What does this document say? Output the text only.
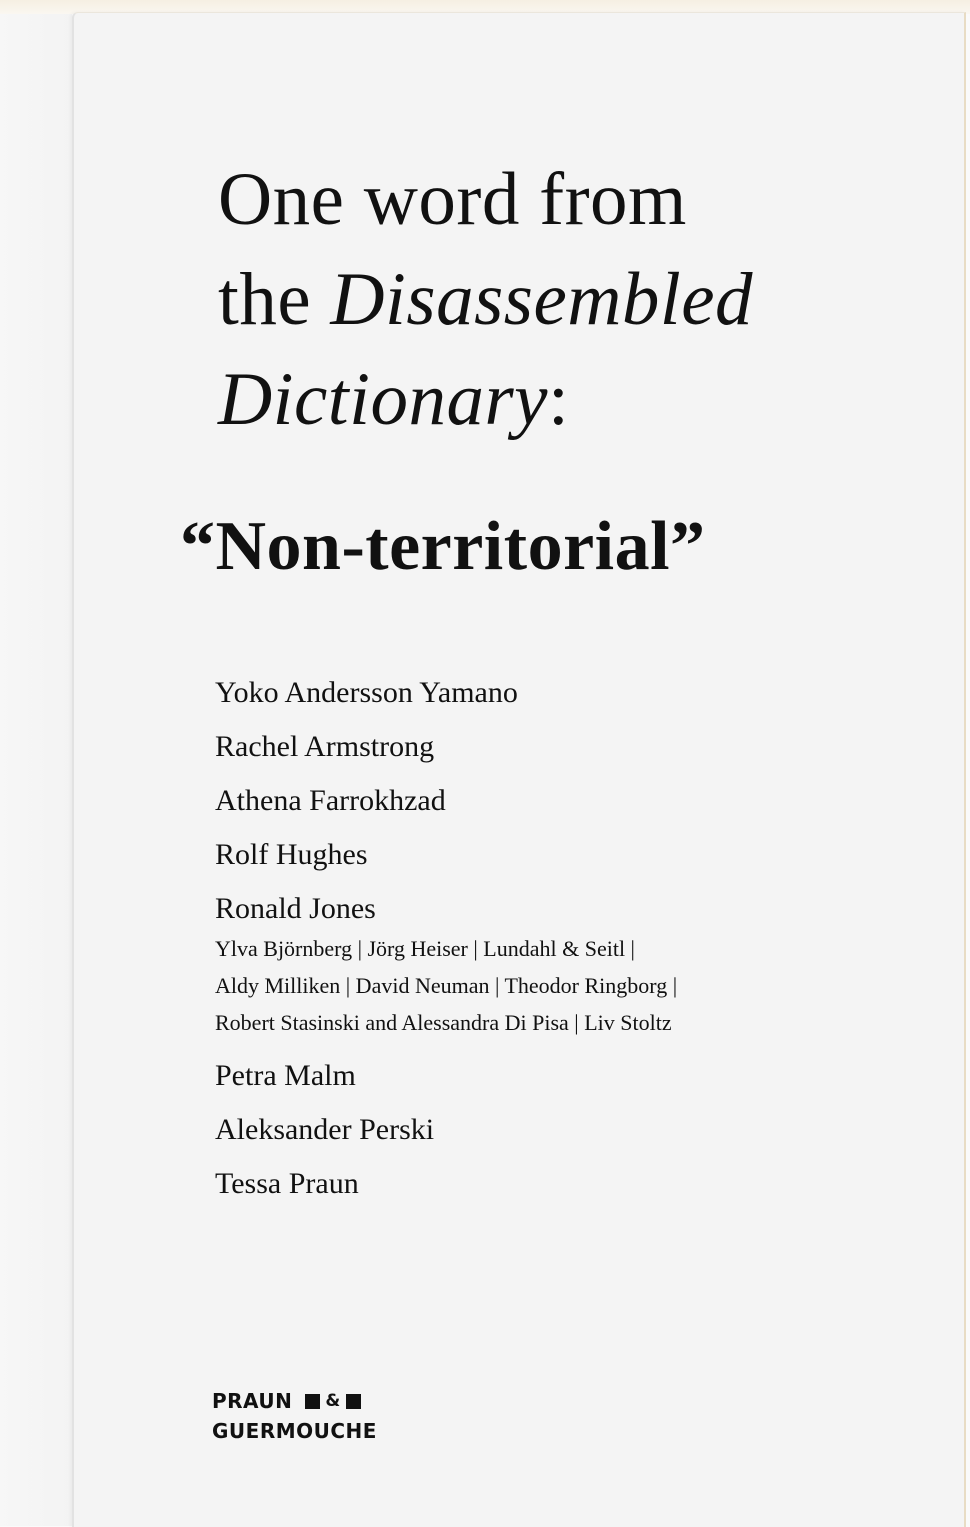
One word from
the Disassembled
Dictionary:
“Non-territorial”
Yoko Andersson Yamano
Rachel Armstrong
Athena Farrokhzad
Rolf Hughes
Ronald Jones
Ylva Björnberg | Jörg Heiser | Lundahl & Seitl |
Aldy Milliken | David Neuman | Theodor Ringborg |
Robert Stasinski and Alessandra Di Pisa | Liv Stoltz
Petra Malm
Aleksander Perski
Tessa Praun
PRAUN &
GUERMOUCHE
